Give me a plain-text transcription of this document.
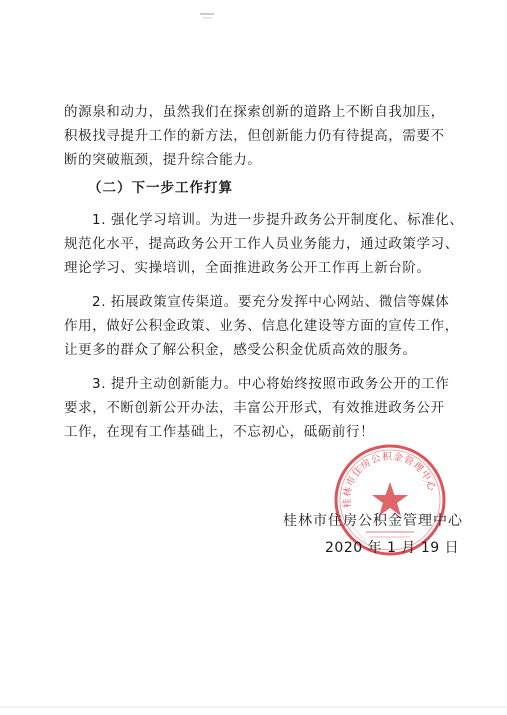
的源泉和动力，虽然我们在探索创新的道路上不断自我加压，
积极找寻提升工作的新方法，但创新能力仍有待提高，需要不
断的突破瓶颈，提升综合能力。
（二）下一步工作打算
1. 强化学习培训。为进一步提升政务公开制度化、标准化、
规范化水平，提高政务公开工作人员业务能力，通过政策学习、
理论学习、实操培训，全面推进政务公开工作再上新台阶。
2. 拓展政策宣传渠道。要充分发挥中心网站、微信等媒体
作用，做好公积金政策、业务、信息化建设等方面的宣传工作，
让更多的群众了解公积金，感受公积金优质高效的服务。
3. 提升主动创新能力。中心将始终按照市政务公开的工作
要求，不断创新公开办法，丰富公开形式，有效推进政务公开
工作，在现有工作基础上，不忘初心，砥砺前行！
桂林市住房公积金管理中心
桂林市住房公积金管理中心
2020 年 1 月 19 日
